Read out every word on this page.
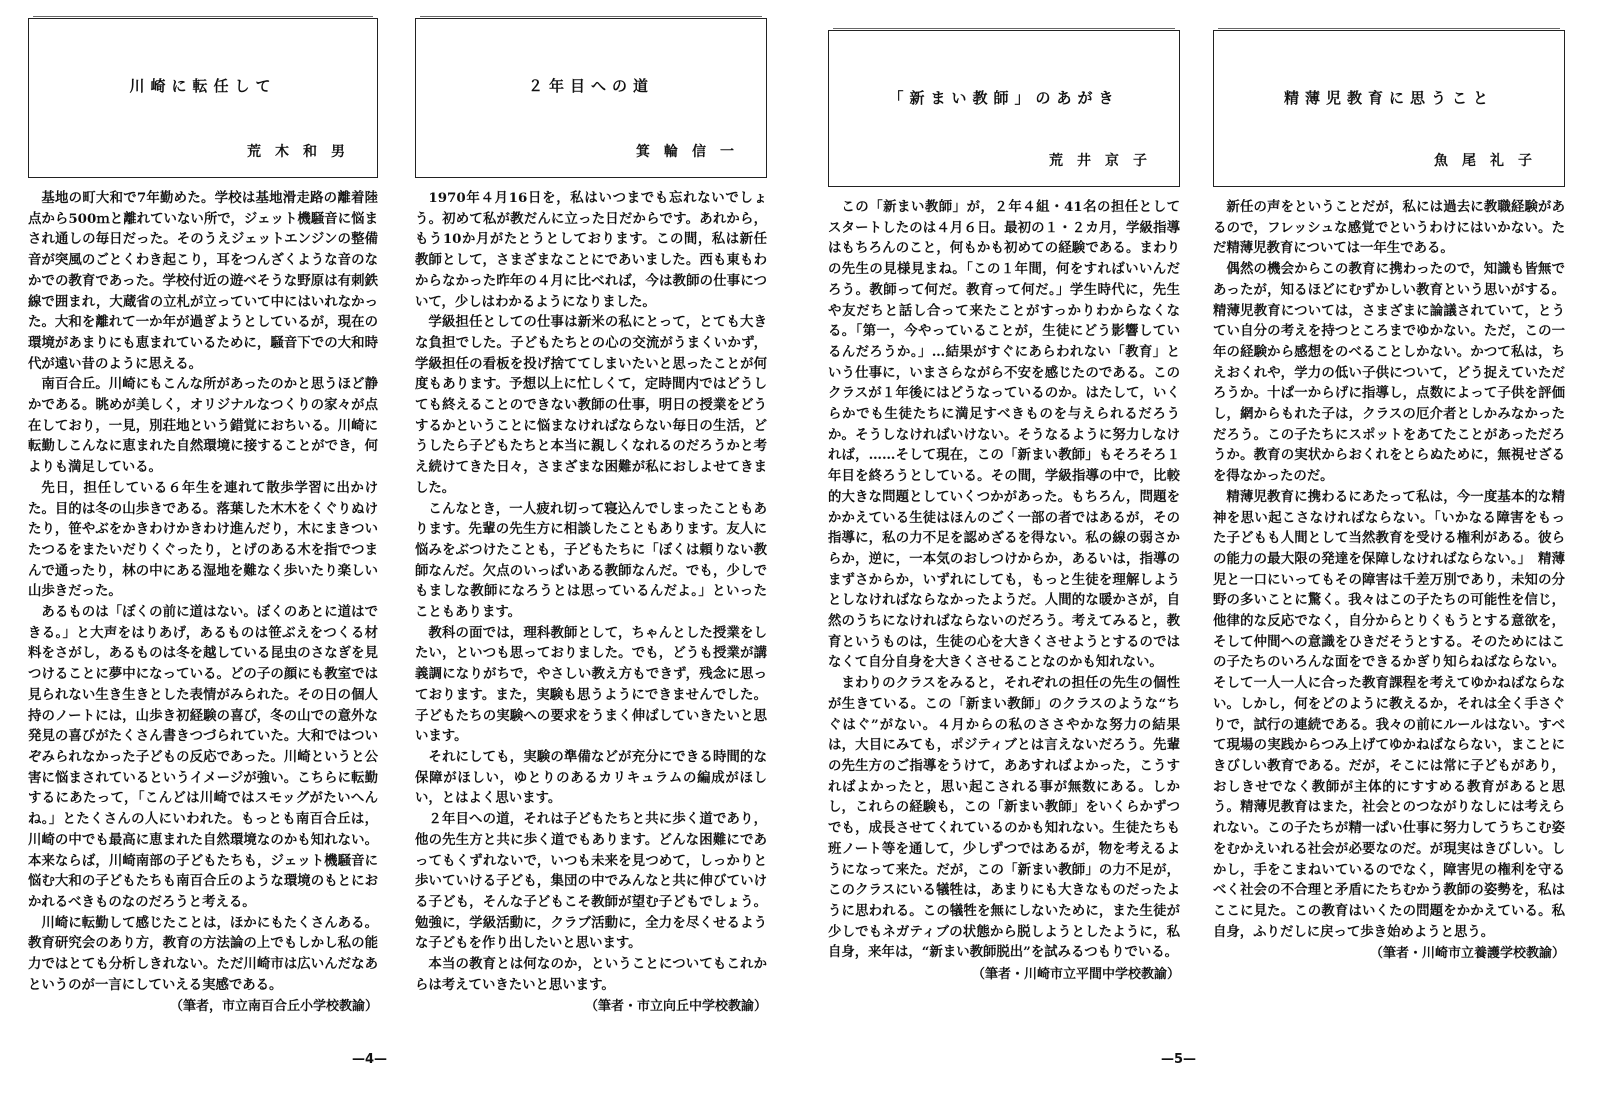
川崎に転任して
荒木和男

基地の町大和で7年勤めた。学校は基地滑走路の離着陸点から500ｍと離れていない所で，ジェット機騒音に悩まされ通しの毎日だった。そのうえジェットエンジンの整備音が突風のごとくわき起こり，耳をつんざくような音のなかでの教育であった。学校付近の遊べそうな野原は有刺鉄線で囲まれ，大蔵省の立札が立っていて中にはいれなかった。大和を離れて一か年が過ぎようとしているが，現在の環境があまりにも恵まれているために，騒音下での大和時代が遠い昔のように思える。

南百合丘。川崎にもこんな所があったのかと思うほど静かである。眺めが美しく，オリジナルなつくりの家々が点在しており，一見，別荘地という錯覚におちいる。川崎に転勤しこんなに恵まれた自然環境に接することができ，何よりも満足している。

先日，担任している６年生を連れて散歩学習に出かけた。目的は冬の山歩きである。落葉した木木をくぐりぬけたり，笹やぶをかきわけかきわけ進んだり，木にまきついたつるをまたいだりくぐったり，とげのある木を指でつまんで通ったり，林の中にある湿地を難なく歩いたり楽しい山歩きだった。

あるものは「ぼくの前に道はない。ぼくのあとに道はできる。」と大声をはりあげ，あるものは笹ぶえをつくる材料をさがし，あるものは冬を越している昆虫のさなぎを見つけることに夢中になっている。どの子の顔にも教室では見られない生き生きとした表情がみられた。その日の個人持のノートには，山歩き初経験の喜び，冬の山での意外な発見の喜びがたくさん書きつづられていた。大和ではついぞみられなかった子どもの反応であった。川崎というと公害に悩まされているというイメージが強い。こちらに転勤するにあたって，「こんどは川崎ではスモッグがたいへんね。」とたくさんの人にいわれた。もっとも南百合丘は，川崎の中でも最高に恵まれた自然環境なのかも知れない。本来ならば，川崎南部の子どもたちも，ジェット機騒音に悩む大和の子どもたちも南百合丘のような環境のもとにおかれるべきものなのだろうと考える。

川崎に転勤して感じたことは，ほかにもたくさんある。教育研究会のあり方，教育の方法論の上でもしかし私の能力ではとても分析しきれない。ただ川崎市は広いんだなあというのが一言にしていえる実感である。

（筆者，市立南百合丘小学校教諭）
２年目への道
箕輪信一

1970年４月16日を，私はいつまでも忘れないでしょう。初めて私が教だんに立った日だからです。あれから，もう10か月がたとうとしております。この間，私は新任教師として，さまざまなことにであいました。西も東もわからなかった昨年の４月に比べれば，今は教師の仕事について，少しはわかるようになりました。

学級担任としての仕事は新米の私にとって，とても大きな負担でした。子どもたちとの心の交流がうまくいかず，学級担任の看板を投げ捨ててしまいたいと思ったことが何度もあります。予想以上に忙しくて，定時間内ではどうしても終えることのできない教師の仕事，明日の授業をどうするかということに悩まなければならない毎日の生活，どうしたら子どもたちと本当に親しくなれるのだろうかと考え続けてきた日々，さまざまな困難が私におしよせてきました。

こんなとき，一人疲れ切って寝込んでしまったこともあります。先輩の先生方に相談したこともあります。友人に悩みをぶつけたことも，子どもたちに「ぼくは頼りない教師なんだ。欠点のいっぱいある教師なんだ。でも，少しでもましな教師になろうとは思っているんだよ。」といったこともあります。

教科の面では，理科教師として，ちゃんとした授業をしたい，といつも思っておりました。でも，どうも授業が講義調になりがちで，やさしい教え方もできず，残念に思っております。また，実験も思うようにできませんでした。子どもたちの実験への要求をうまく伸ばしていきたいと思います。

それにしても，実験の準備などが充分にできる時間的な保障がほしい，ゆとりのあるカリキュラムの編成がほしい，とはよく思います。

２年目への道，それは子どもたちと共に歩く道であり，他の先生方と共に歩く道でもあります。どんな困難にであってもくずれないで，いつも未来を見つめて，しっかりと歩いていける子ども，集団の中でみんなと共に伸びていける子ども，そんな子どもこそ教師が望む子どもでしょう。勉強に，学級活動に，クラブ活動に，全力を尽くせるような子どもを作り出したいと思います。

本当の教育とは何なのか，ということについてもこれからは考えていきたいと思います。

（筆者・市立向丘中学校教諭）
「新まい教師」のあがき
荒井京子

この「新まい教師」が，２年４組・41名の担任としてスタートしたのは４月６日。最初の１・２カ月，学級指導はもちろんのこと，何もかも初めての経験である。まわりの先生の見様見まね。「この１年間，何をすればいいんだろう。教師って何だ。教育って何だ。」学生時代に，先生や友だちと話し合って来たことがすっかりわからなくなる。「第一，今やっていることが，生徒にどう影響しているんだろうか。」…結果がすぐにあらわれない「教育」という仕事に，いまさらながら不安を感じたのである。このクラスが１年後にはどうなっているのか。はたして，いくらかでも生徒たちに満足すべきものを与えられるだろうか。そうしなければいけない。そうなるように努力しなければ，……そして現在，この「新まい教師」もそろそろ１年目を終ろうとしている。その間，学級指導の中で，比較的大きな問題としていくつかがあった。もちろん，問題をかかえている生徒はほんのごく一部の者ではあるが，その指導に，私の力不足を認めざるを得ない。私の線の弱さからか，逆に，一本気のおしつけからか，あるいは，指導のまずさからか，いずれにしても，もっと生徒を理解しようとしなければならなかったようだ。人間的な暖かさが，自然のうちになければならないのだろう。考えてみると，教育というものは，生徒の心を大きくさせようとするのではなくて自分自身を大きくさせることなのかも知れない。

まわりのクラスをみると，それぞれの担任の先生の個性が生きている。この「新まい教師」のクラスのような“ちぐはぐ”がない。４月からの私のささやかな努力の結果は，大目にみても，ポジティブとは言えないだろう。先輩の先生方のご指導をうけて，ああすればよかった，こうすればよかったと，思い起こされる事が無数にある。しかし，これらの経験も，この「新まい教師」をいくらかずつでも，成長させてくれているのかも知れない。生徒たちも班ノート等を通して，少しずつではあるが，物を考えるようになって来た。だが，この「新まい教師」の力不足が，このクラスにいる犠牲は，あまりにも大きなものだったように思われる。この犠牲を無にしないために，また生徒が少しでもネガティブの状態から脱しようとしたように，私自身，来年は，“新まい教師脱出”を試みるつもりでいる。

（筆者・川崎市立平間中学校教諭）
精薄児教育に思うこと
魚尾礼子

新任の声をということだが，私には過去に教職経験があるので，フレッシュな感覚でというわけにはいかない。ただ精薄児教育については一年生である。

偶然の機会からこの教育に携わったので，知識も皆無であったが，知るほどにむずかしい教育という思いがする。精薄児教育については，さまざまに論議されていて，とうてい自分の考えを持つところまでゆかない。ただ，この一年の経験から感想をのべることしかない。かつて私は，ちえおくれや，学力の低い子供について，どう捉えていただろうか。十ぱ一からげに指導し，点数によって子供を評価し，網からもれた子は，クラスの厄介者としかみなかっただろう。この子たちにスポットをあてたことがあっただろうか。教育の実状からおくれをとらぬために，無視せざるを得なかったのだ。

精薄児教育に携わるにあたって私は，今一度基本的な精神を思い起こさなければならない。「いかなる障害をもった子どもも人間として当然教育を受ける権利がある。彼らの能力の最大限の発達を保障しなければならない。」　精薄児と一口にいってもその障害は千差万別であり，未知の分野の多いことに驚く。我々はこの子たちの可能性を信じ，他律的な反応でなく，自分からとりくもうとする意欲を，そして仲間への意識をひきだそうとする。そのためにはこの子たちのいろんな面をできるかぎり知らねばならない。そして一人一人に合った教育課程を考えてゆかねばならない。しかし，何をどのように教えるか，それは全く手さぐりで，試行の連続である。我々の前にルールはない。すべて現場の実践からつみ上げてゆかねばならない，まことにきびしい教育である。だが，そこには常に子どもがあり，おしきせでなく教師が主体的にすすめる教育があると思う。精薄児教育はまた，社会とのつながりなしには考えられない。この子たちが精一ぱい仕事に努力してうちこむ姿をむかえいれる社会が必要なのだ。が現実はきびしい。しかし，手をこまねいているのでなく，障害児の権利を守るべく社会の不合理と矛盾にたちむかう教師の姿勢を，私はここに見た。この教育はいくたの問題をかかえている。私自身，ふりだしに戻って歩き始めようと思う。

（筆者・川崎市立養護学校教諭）
—4—	—5—
